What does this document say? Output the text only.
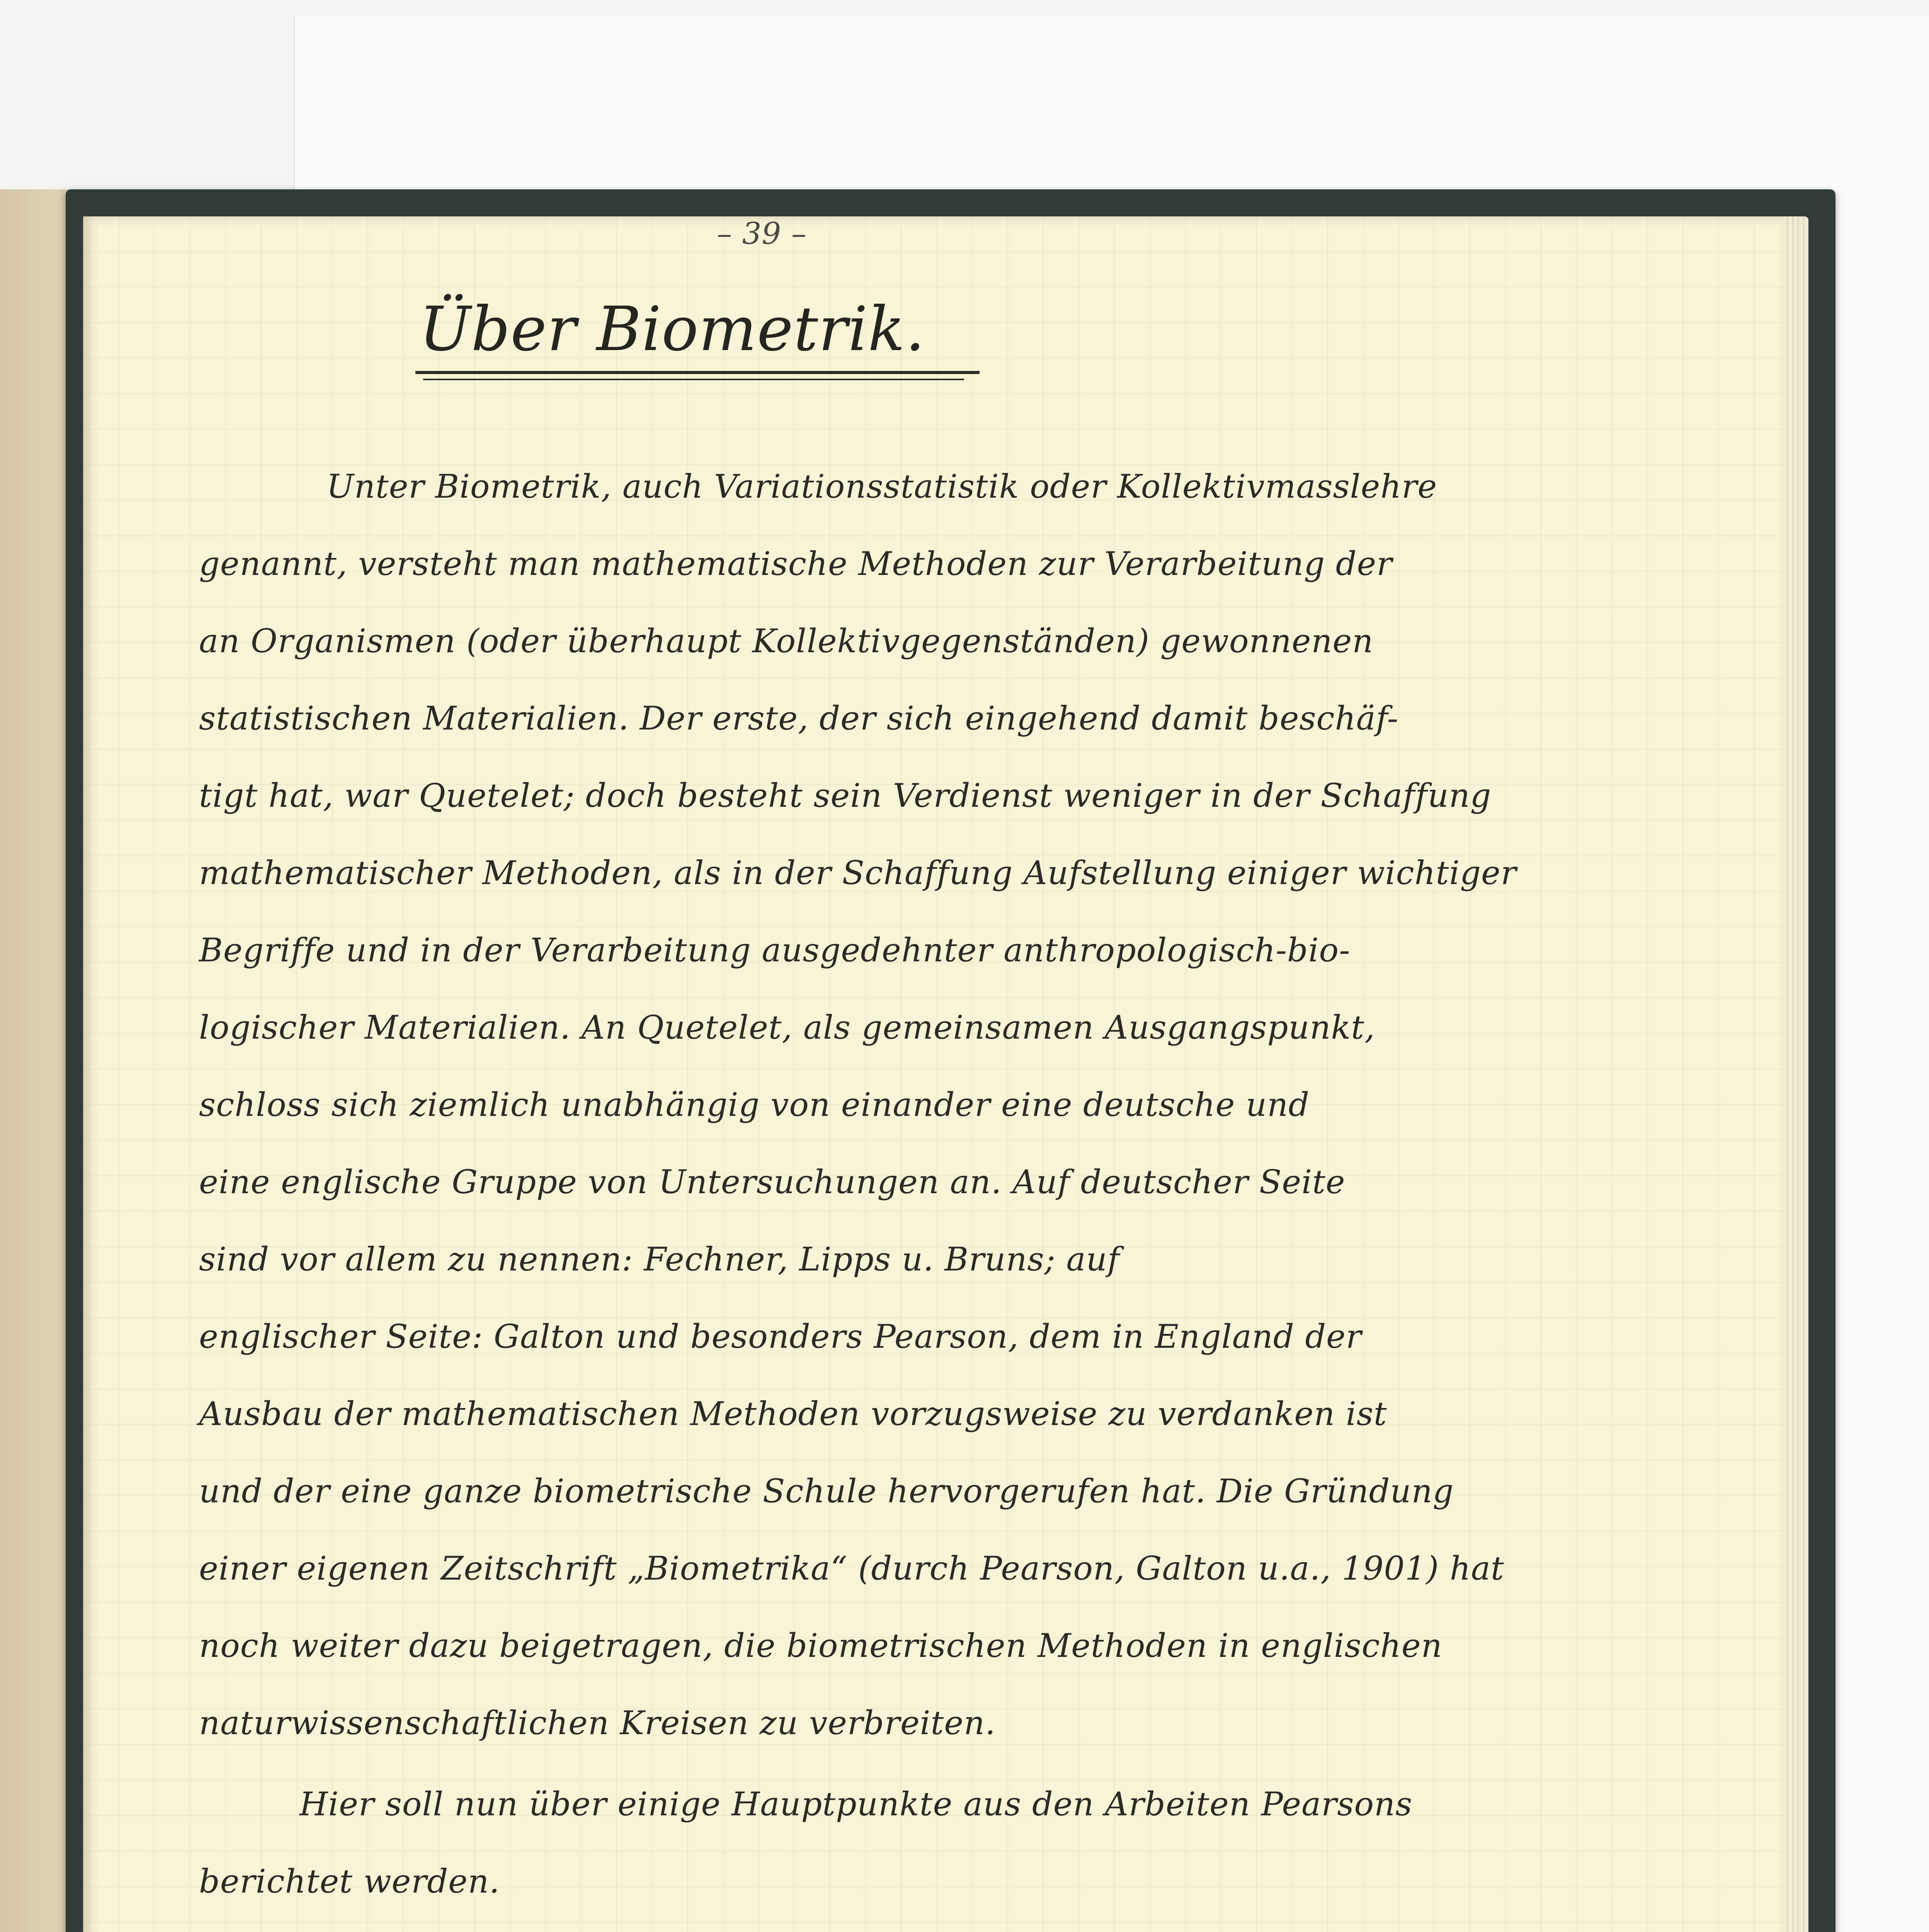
– 39 –

Über Biometrik.

Unter Biometrik, auch Variationsstatistik oder Kollektivmasslehre

genannt, versteht man mathematische Methoden zur Verarbeitung der

an Organismen (oder überhaupt Kollektivgegenständen) gewonnenen

statistischen Materialien. Der erste, der sich eingehend damit beschäf-

tigt hat, war Quetelet; doch besteht sein Verdienst weniger in der Schaffung

mathematischer Methoden, als in der Schaffung Aufstellung einiger wichtiger

Begriffe und in der Verarbeitung ausgedehnter anthropologisch-bio-

logischer Materialien. An Quetelet, als gemeinsamen Ausgangspunkt,

schloss sich ziemlich unabhängig von einander eine deutsche und

eine englische Gruppe von Untersuchungen an. Auf deutscher Seite

sind vor allem zu nennen: Fechner, Lipps u. Bruns; auf

englischer Seite: Galton und besonders Pearson, dem in England der

Ausbau der mathematischen Methoden vorzugsweise zu verdanken ist

und der eine ganze biometrische Schule hervorgerufen hat. Die Gründung

einer eigenen Zeitschrift „Biometrika“ (durch Pearson, Galton u.a., 1901) hat

noch weiter dazu beigetragen, die biometrischen Methoden in englischen

naturwissenschaftlichen Kreisen zu verbreiten.

Hier soll nun über einige Hauptpunkte aus den Arbeiten Pearsons

berichtet werden.
